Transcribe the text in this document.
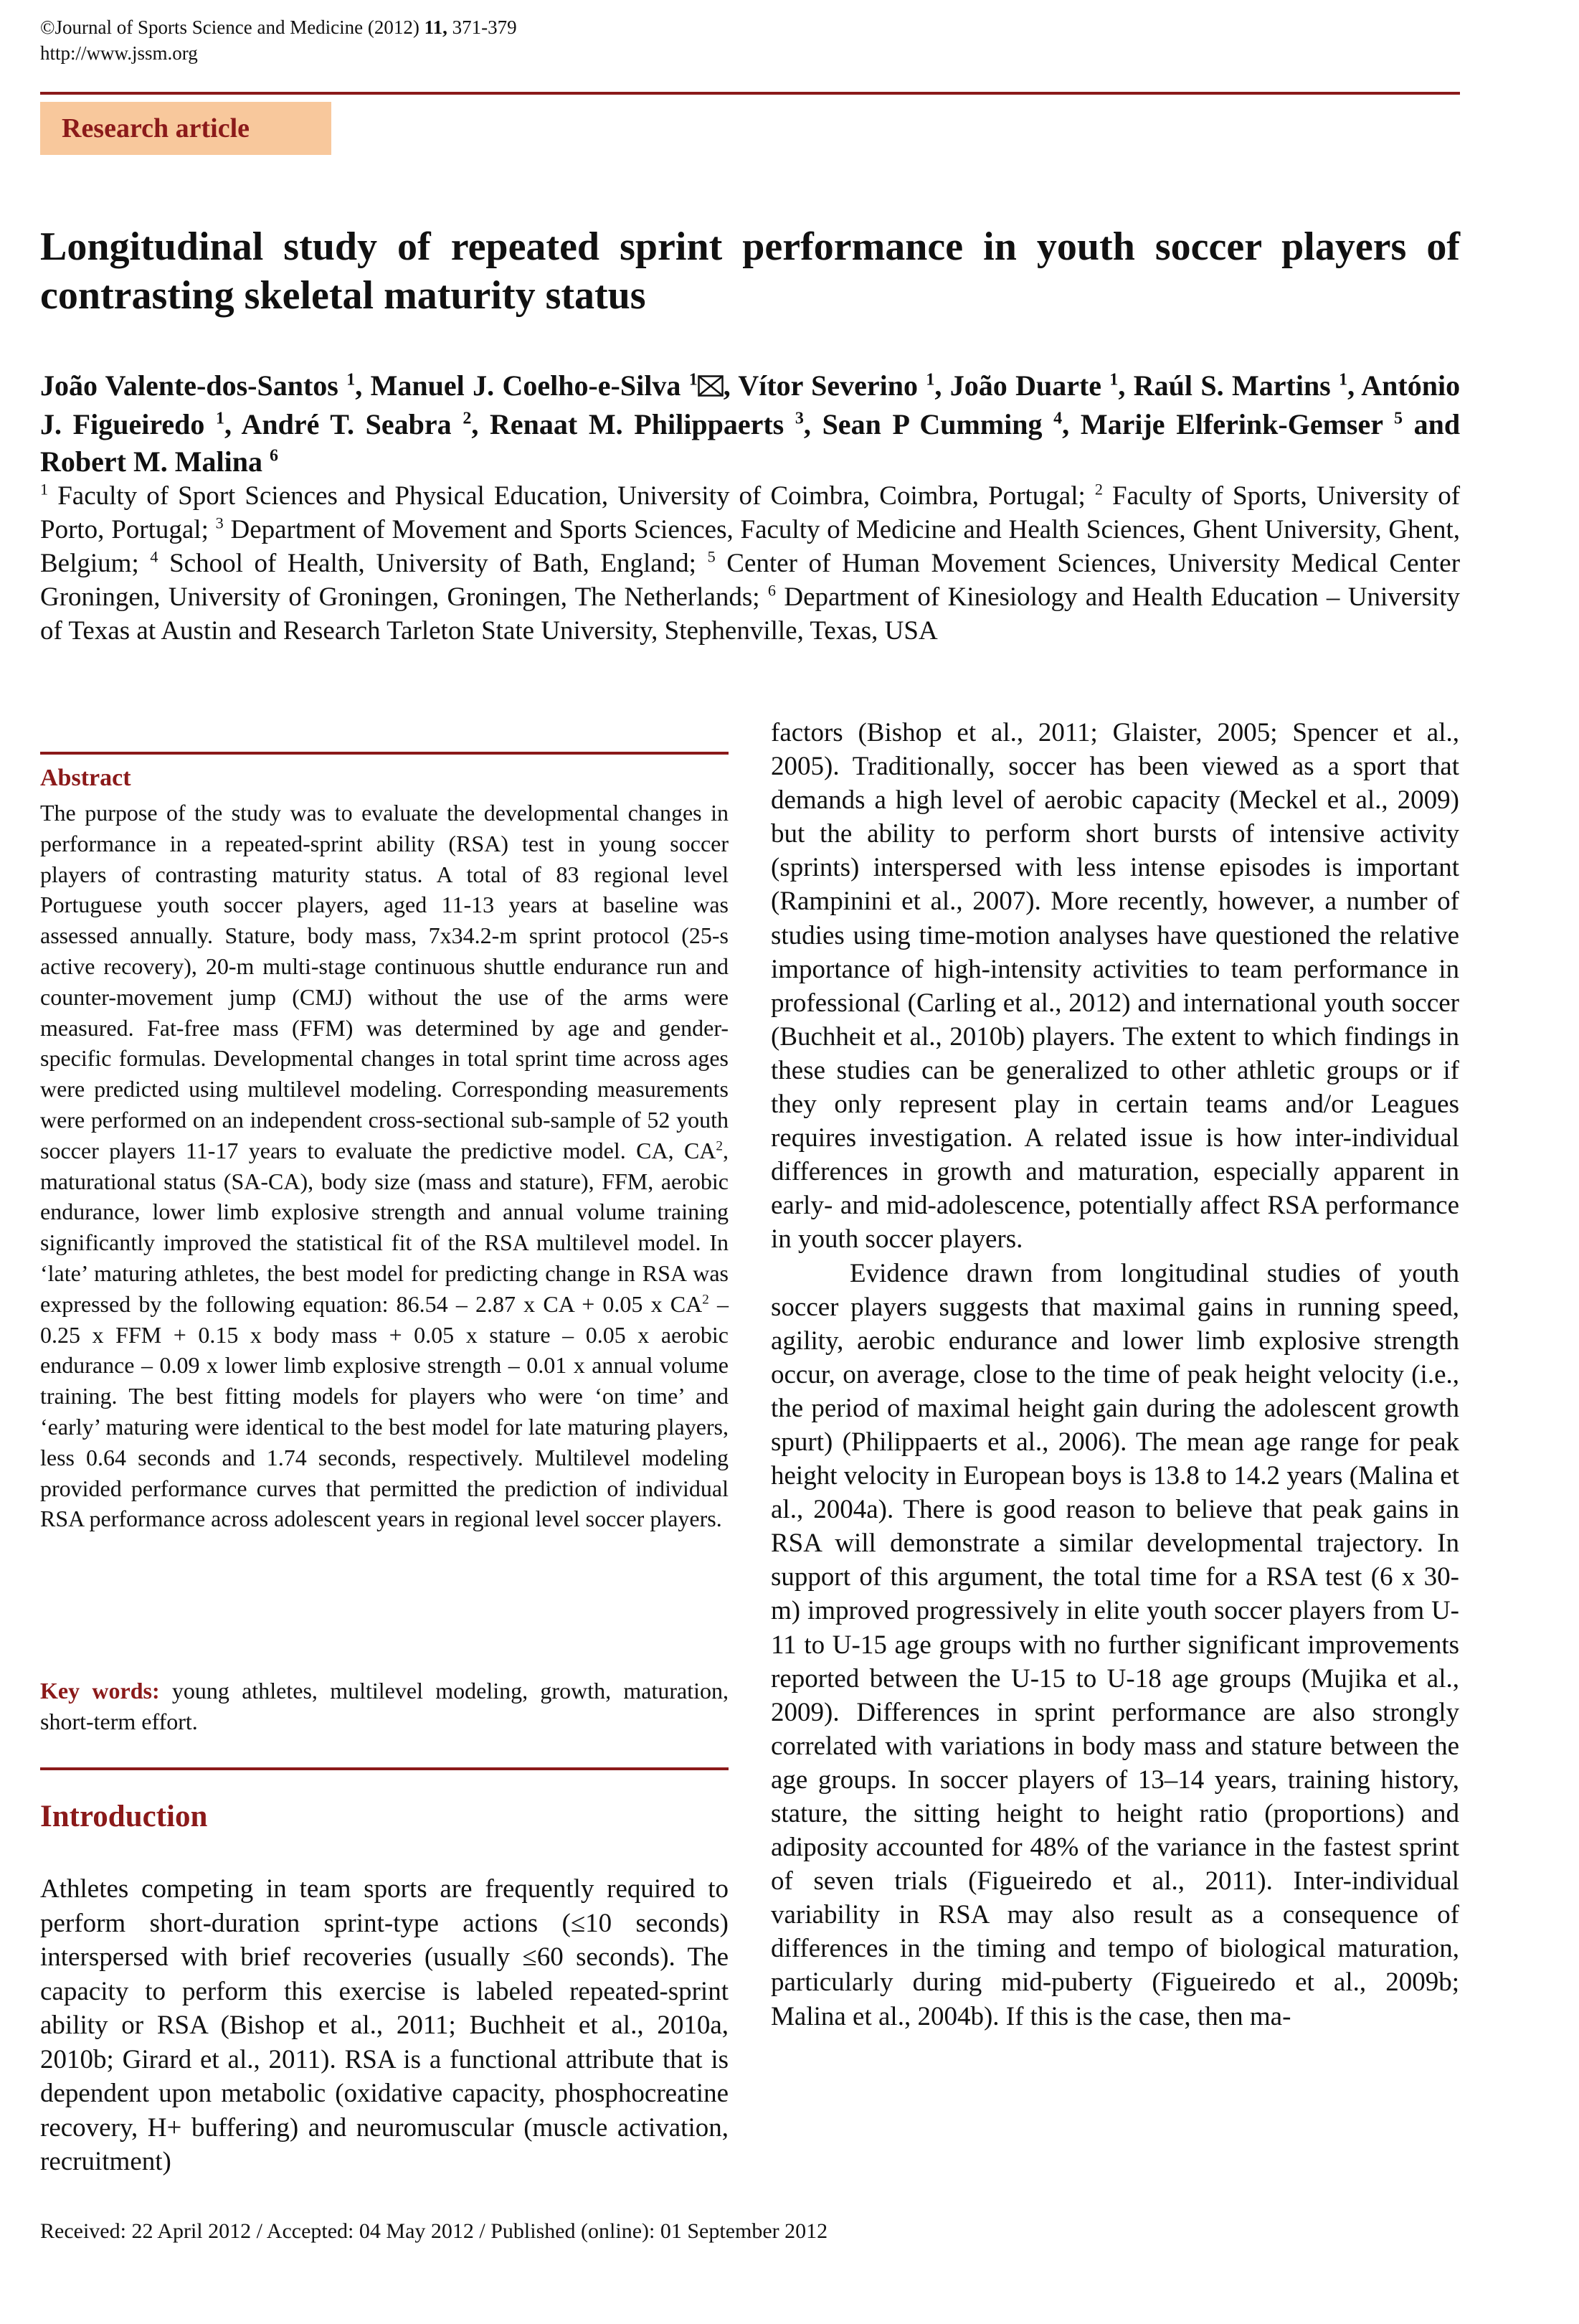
©Journal of Sports Science and Medicine (2012) 11, 371-379
http://www.jssm.org
Research article
Longitudinal study of repeated sprint performance in youth soccer players of contrasting skeletal maturity status
João Valente-dos-Santos $^1$, Manuel J. Coelho-e-Silva $^1$ , Vítor Severino $^1$, João Duarte $^1$, Raúl S. Martins $^1$, António J. Figueiredo $^1$, André T. Seabra $^2$, Renaat M. Philippaerts $^3$, Sean P Cumming $^4$, Marije Elferink-Gemser $^5$ and Robert M. Malina $^6$
$^1$ Faculty of Sport Sciences and Physical Education, University of Coimbra, Coimbra, Portugal; $^2$ Faculty of Sports, University of Porto, Portugal; $^3$ Department of Movement and Sports Sciences, Faculty of Medicine and Health Sciences, Ghent University, Ghent, Belgium; $^4$ School of Health, University of Bath, England; $^5$ Center of Human Movement Sciences, University Medical Center Groningen, University of Groningen, Groningen, The Netherlands; $^6$ Department of Kinesiology and Health Education – University of Texas at Austin and Research Tarleton State University, Stephenville, Texas, USA
Abstract
The purpose of the study was to evaluate the developmental changes in performance in a repeated-sprint ability (RSA) test in young soccer players of contrasting maturity status. A total of 83 regional level Portuguese youth soccer players, aged 11-13 years at baseline was assessed annually. Stature, body mass, 7x34.2-m sprint protocol (25-s active recovery), 20-m multi-stage continuous shuttle endurance run and counter-movement jump (CMJ) without the use of the arms were measured. Fat-free mass (FFM) was determined by age and gender-specific formulas. Developmental changes in total sprint time across ages were predicted using multilevel modeling. Corresponding measurements were performed on an independent cross-sectional sub-sample of 52 youth soccer players 11-17 years to evaluate the predictive model. CA, $CA^2$, maturational status (SA-CA), body size (mass and stature), FFM, aerobic endurance, lower limb explosive strength and annual volume training significantly improved the statistical fit of the RSA multilevel model. In ‘late’ maturing athletes, the best model for predicting change in RSA was expressed by the following equation: 86.54 – 2.87 x CA + 0.05 x $CA^2 - 0.25$ x FFM + 0.15 x body mass + 0.05 x stature – 0.05 x aerobic endurance – 0.09 x lower limb explosive strength – 0.01 x annual volume training. The best fitting models for players who were ‘on time’ and ‘early’ maturing were identical to the best model for late maturing players, less 0.64 seconds and 1.74 seconds, respectively. Multilevel modeling provided performance curves that permitted the prediction of individual RSA performance across adolescent years in regional level soccer players.
Key words: young athletes, multilevel modeling, growth, maturation, short-term effort.
Introduction
Athletes competing in team sports are frequently required to perform short-duration sprint-type actions (≤10 seconds) interspersed with brief recoveries (usually ≤60 seconds). The capacity to perform this exercise is labeled repeated-sprint ability or RSA (Bishop et al., 2011; Buchheit et al., 2010a, 2010b; Girard et al., 2011). RSA is a functional attribute that is dependent upon metabolic (oxidative capacity, phosphocreatine recovery, H+ buffering) and neuromuscular (muscle activation, recruitment)

factors (Bishop et al., 2011; Glaister, 2005; Spencer et al., 2005). Traditionally, soccer has been viewed as a sport that demands a high level of aerobic capacity (Meckel et al., 2009) but the ability to perform short bursts of intensive activity (sprints) interspersed with less intense episodes is important (Rampinini et al., 2007). More recently, however, a number of studies using time-motion analyses have questioned the relative importance of high-intensity activities to team performance in professional (Carling et al., 2012) and international youth soccer (Buchheit et al., 2010b) players. The extent to which findings in these studies can be generalized to other athletic groups or if they only represent play in certain teams and/or Leagues requires investigation. A related issue is how inter-individual differences in growth and maturation, especially apparent in early- and mid-adolescence, potentially affect RSA performance in youth soccer players.

Evidence drawn from longitudinal studies of youth soccer players suggests that maximal gains in running speed, agility, aerobic endurance and lower limb explosive strength occur, on average, close to the time of peak height velocity (i.e., the period of maximal height gain during the adolescent growth spurt) (Philippaerts et al., 2006). The mean age range for peak height velocity in European boys is 13.8 to 14.2 years (Malina et al., 2004a). There is good reason to believe that peak gains in RSA will demonstrate a similar developmental trajectory. In support of this argument, the total time for a RSA test (6 x 30-m) improved progressively in elite youth soccer players from U-11 to U-15 age groups with no further significant improvements reported between the U-15 to U-18 age groups (Mujika et al., 2009). Differences in sprint performance are also strongly correlated with variations in body mass and stature between the age groups. In soccer players of 13–14 years, training history, stature, the sitting height to height ratio (proportions) and adiposity accounted for 48% of the variance in the fastest sprint of seven trials (Figueiredo et al., 2011). Inter-individual variability in RSA may also result as a consequence of differences in the timing and tempo of biological maturation, particularly during mid-puberty (Figueiredo et al., 2009b; Malina et al., 2004b). If this is the case, then ma-

Received: 22 April 2012 / Accepted: 04 May 2012 / Published (online): 01 September 2012
